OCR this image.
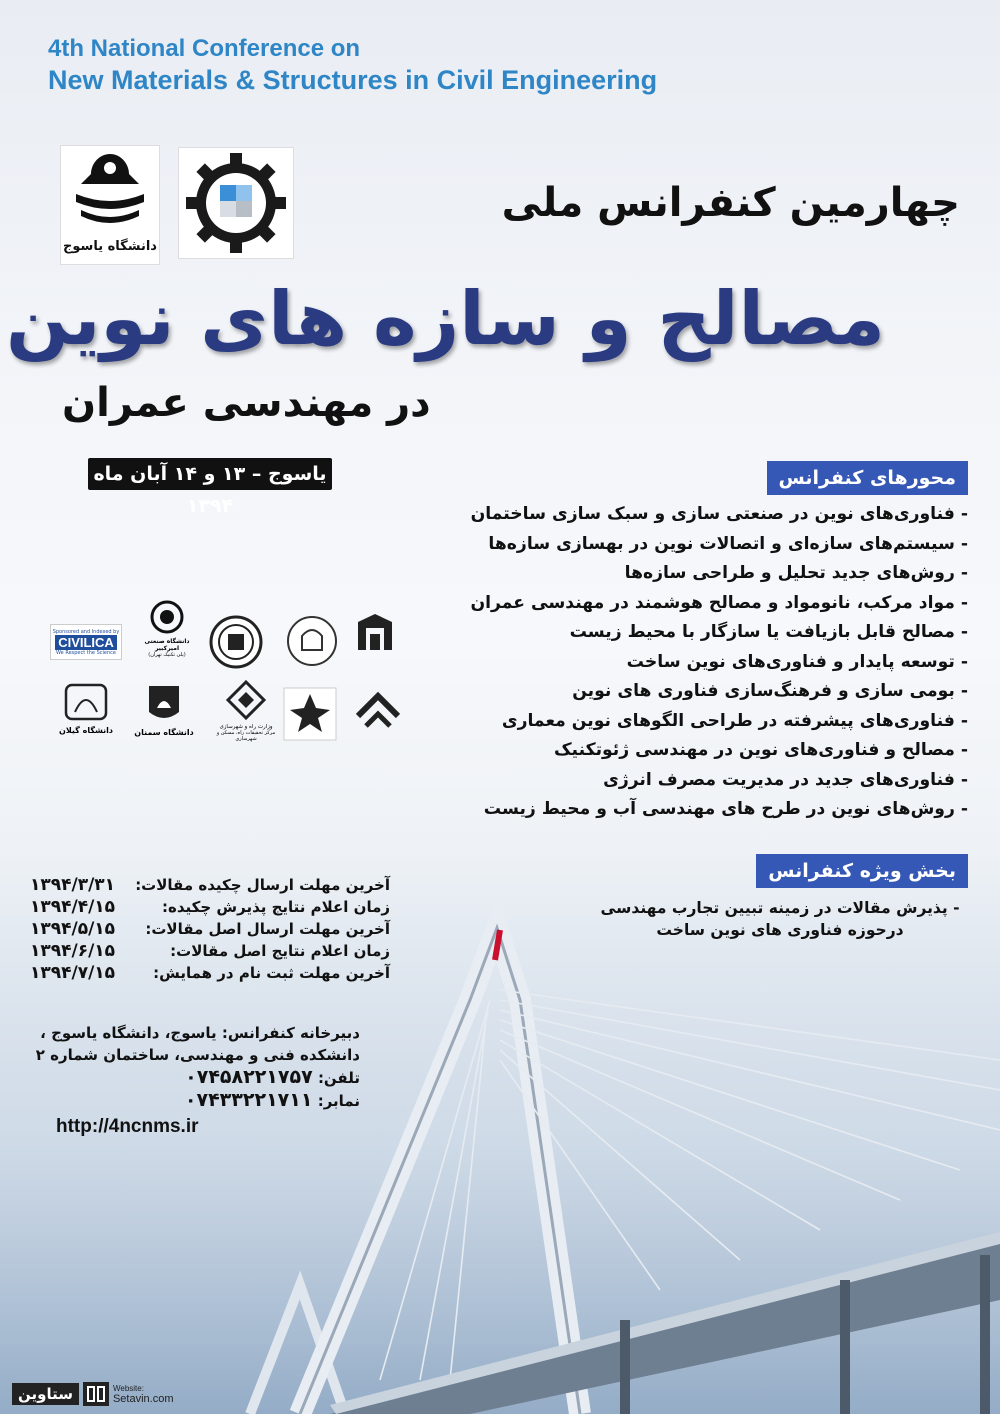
4th National Conference on
New Materials & Structures in Civil Engineering
دانشگاه یاسوج
چهارمین کنفرانس ملی
مصالح و سازه های نوین
در مهندسی عمران
یاسوج – ۱۳ و ۱۴ آبان ماه ۱۳۹۴
محورهای کنفرانس
- فناوری‌های نوین در صنعتی سازی و سبک سازی ساختمان
- سیستم‌های سازه‌ای و اتصالات نوین در بهسازی سازه‌ها
- روش‌های جدید تحلیل و طراحی سازه‌ها
- مواد مرکب، نانومواد و مصالح هوشمند در مهندسی عمران
- مصالح قابل بازیافت یا سازگار با محیط زیست
- توسعه پایدار و فناوری‌های نوین ساخت
- بومی سازی و فرهنگ‌سازی فناوری های نوین
- فناوری‌های پیشرفته در طراحی الگوهای نوین معماری
- مصالح و فناوری‌های نوین در مهندسی ژئوتکنیک
- فناوری‌های جدید در مدیریت مصرف انرژی
- روش‌های نوین در طرح های مهندسی آب و محیط زیست
Sponsored and Indexed by
CIVILICA
We Respect the Science
دانشگاه صنعتی امیرکبیر
(پلی تکنیک تهران)
دانشگاه گیلان	دانشگاه سمنان
وزارت راه و شهرسازی
مرکز تحقیقات راه، مسکن و شهرسازی
آخرین مهلت ارسال چکیده مقالات:
۱۳۹۴/۳/۳۱
زمان اعلام نتایج پذیرش چکیده:
۱۳۹۴/۴/۱۵
آخرین مهلت ارسال اصل مقالات:
۱۳۹۴/۵/۱۵
زمان اعلام نتایج اصل مقالات:
۱۳۹۴/۶/۱۵
آخرین مهلت ثبت نام در همایش:
۱۳۹۴/۷/۱۵
بخش ویژه کنفرانس
- پذیرش مقالات در زمینه تبیین تجارب مهندسی
درحوزه فناوری های نوین ساخت
دبیرخانه کنفرانس: یاسوج، دانشگاه یاسوج ،
دانشکده فنی و مهندسی، ساختمان شماره ۲
تلفن: ۰۷۴۵۸۲۲۱۷۵۷
نمابر: ۰۷۴۳۳۲۲۱۷۱۱
http://4ncnms.ir
ستاوین	Website:
Setavin.com
